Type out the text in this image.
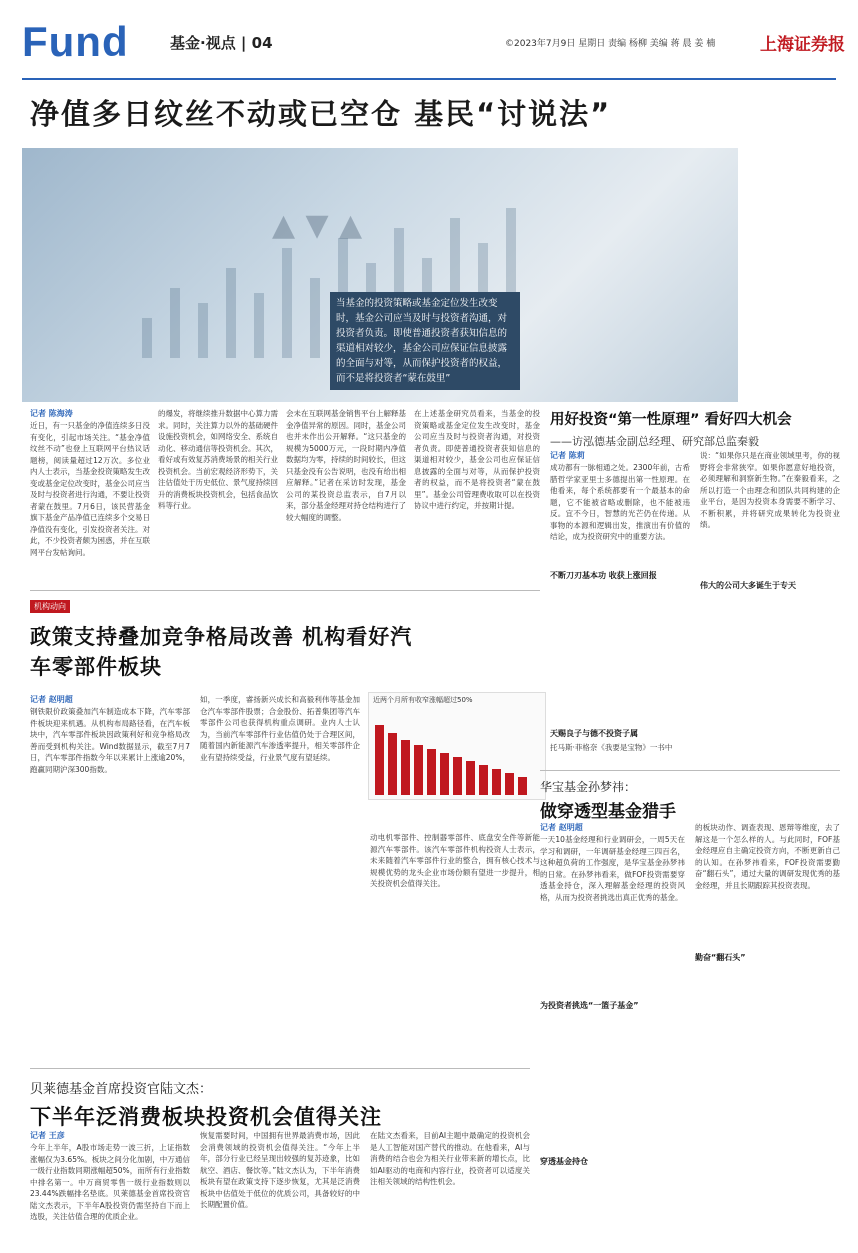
Fund	基金·视点 | 04	©2023年7月9日 星期日 责编 杨柳 美编 蒋 晨 姜 楠	上海证券报
净值多日纹丝不动或已空仓 基民“讨说法”
▲ ▼ ▲
当基金的投资策略或基金定位发生改变时，基金公司应当及时与投资者沟通，对投资者负责。即使普通投资者获知信息的渠道相对较少，基金公司应保证信息披露的全面与对等，从而保护投资者的权益，而不是将投资者“蒙在鼓里”
记者 陈海涛
近日，有一只基金的净值连续多日没有变化，引起市场关注。“基金净值纹丝不动”也登上互联网平台热议话题榜，阅读量超过12万次。多位业内人士表示，当基金投资策略发生改变或基金定位改变时，基金公司应当及时与投资者进行沟通，不要让投资者蒙在鼓里。7月6日，该民营基金旗下基金产品净值已连续多个交易日净值没有变化，引发投资者关注。对此，不少投资者颇为困惑，并在互联网平台发帖询问。
的爆发，将继续推升数据中心算力需求。同时，关注算力以外的基础硬件设施投资机会，如网络安全、系统自动化、移动通信等投资机会。其次，看好或有效复苏消费场景的相关行业投资机会。当前宏观经济形势下，关注估值处于历史低位、景气度持续回升的消费板块投资机会，包括食品饮料等行业。
会未在互联网基金销售平台上解释基金净值异常的原因。同时，基金公司也并未作出公开解释。“这只基金的规模为5000万元，一段时期内净值数据均为零，持续的时间较长，但这只基金没有公告说明，也没有给出相应解释。”记者在采访时发现，基金公司的某投资总监表示，自7月以来，部分基金经理对持仓结构进行了较大幅度的调整。
在上述基金研究员看来，当基金的投资策略或基金定位发生改变时，基金公司应当及时与投资者沟通，对投资者负责。即使普通投资者获知信息的渠道相对较少，基金公司也应保证信息披露的全面与对等，从而保护投资者的权益，而不是将投资者“蒙在鼓里”。基金公司管理费收取可以在投资协议中进行约定，并按期计提。
机构动向
政策支持叠加竞争格局改善 机构看好汽车零部件板块
记者 赵明超
钢铁限价政策叠加汽车制造成本下降，汽车零部件板块迎来机遇。从机构布局路径看，在汽车板块中，汽车零部件板块因政策利好和竞争格局改善而受到机构关注。Wind数据显示，截至7月7日，汽车零部件指数今年以来累计上涨逾20%，跑赢同期沪深300指数。
如，一季度，睿扬新兴成长和高毅利伟等基金加仓汽车零部件股票；合金股份、拓普集团等汽车零部件公司也获得机构重点调研。业内人士认为，当前汽车零部件行业估值仍处于合理区间，随着国内新能源汽车渗透率提升，相关零部件企业有望持续受益，行业景气度有望延续。
动电机零部件、控制器零部件、底盘安全件等新能源汽车零部件。该汽车零部件机构投资人士表示，未来随着汽车零部件行业的整合，拥有核心技术与规模优势的龙头企业市场份额有望进一步提升，相关投资机会值得关注。
近两个月所有收窄涨幅超过50%
用好投资“第一性原理” 看好四大机会
——访泓德基金副总经理、研究部总监秦毅
记者 陈莉
成功都有一脉相通之处。2300年前，古希腊哲学家亚里士多德提出第一性原理。在他看来，每个系统都要有一个最基本的命题，它不能被省略或删除，也不能被违反。宜不今日，智慧的光芒仍在传递。从事物的本源和逻辑出发，推演出有价值的结论，成为投资研究中的重要方法。
说：“如果你只是在商业领域里考，你的视野将会非常狭窄。如果你愿意好地投资，必须理解和洞察新生物。”在秦毅看来，之所以打造一个由理念和团队共同构建的企业平台，是因为投资本身需要不断学习、不断积累，并将研究成果转化为投资业绩。
不断刀刃基本功 收获上涨回报
伟大的公司大多诞生于专天
天赐良子与德不投资子属
托马斯·菲格奈《我要是宝物》一书中
华宝基金孙梦祎：
做穿透型基金猎手
记者 赵明超
一天10基金经理和行业调研会，一周5天在学习和调研，一年调研基金经理三四百名，这种超负荷的工作强度，是华宝基金孙梦祎的日常。在孙梦祎看来，做FOF投资需要穿透基金持仓，深入理解基金经理的投资风格，从而为投资者挑选出真正优秀的基金。
的板块动作、调查表现、恩辩等维度，去了解这是一个怎么样的人。与此同时，FOF基金经理应自主确定投资方向，不断更新自己的认知。在孙梦祎看来，FOF投资需要勤奋“翻石头”，通过大量的调研发现优秀的基金经理，并且长期跟踪其投资表现。
为投资者挑选“一篮子基金”
穿透基金持仓
勤奋“翻石头”
贝莱德基金首席投资官陆文杰：
下半年泛消费板块投资机会值得关注
记者 王彦
今年上半年，A股市场走势一波三折，上证指数涨幅仅为3.65%。板块之间分化加剧，中万通信一级行业指数同期涨幅超50%，而所有行业指数中排名第一。中万商贸零售一级行业指数则以23.44%跌幅排名垫底。贝莱德基金首席投资官陆文杰表示，下半年A股投资仍需坚持自下而上选股，关注估值合理的优质企业。
恢复需要时间，中国拥有世界最消费市场，因此会消费领域的投资机会值得关注。“今年上半年，部分行业已经呈现出较强的复苏迹象，比如航空、酒店、餐饮等。”陆文杰认为，下半年消费板块有望在政策支持下逐步恢复，尤其是泛消费板块中估值处于低位的优质公司，具备较好的中长期配置价值。
在陆文杰看来，目前AI主题中最确定的投资机会是人工智能对国产替代的推动。在他看来，AI与消费的结合也会为相关行业带来新的增长点，比如AI驱动的电商和内容行业，投资者可以适度关注相关领域的结构性机会。
